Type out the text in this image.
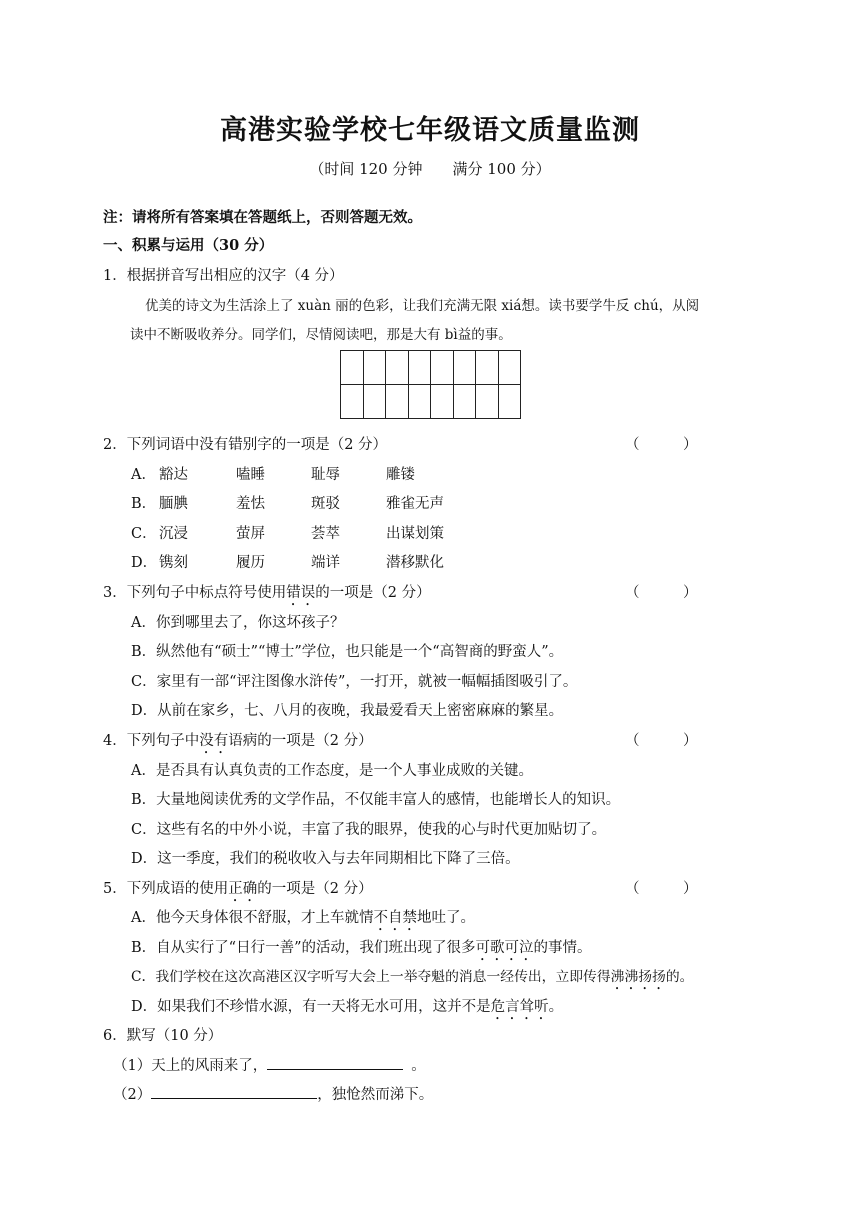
高港实验学校七年级语文质量监测
（时间 120 分钟　　满分 100 分）
注：请将所有答案填在答题纸上，否则答题无效。
一、积累与运用（30 分）
1．根据拼音写出相应的汉字（4 分）
优美的诗文为生活涂上了 xuàn 丽的色彩，让我们充满无限 xiá想。读书要学牛反 chú，从阅
读中不断吸收养分。同学们，尽情阅读吧，那是大有 bì益的事。

2．下列词语中没有错别字的一项是（2 分）	（　　　）
A． 豁达	嗑睡	耻辱	雕镂
B． 腼腆	羞怯	斑驳	雅雀无声
C． 沉浸	萤屏	荟萃	出谋划策
D． 镌刻	履历	端详	潜移默化
3．下列句子中标点符号使用错误的一项是（2 分）	（　　　）
A．你到哪里去了，你这坏孩子？
B．纵然他有“硕士”“博士”学位，也只能是一个“高智商的野蛮人”。
C．家里有一部“评注图像水浒传”，一打开，就被一幅幅插图吸引了。
D．从前在家乡，七、八月的夜晚，我最爱看天上密密麻麻的繁星。
4．下列句子中没有语病的一项是（2 分）	（　　　）
A．是否具有认真负责的工作态度，是一个人事业成败的关键。
B．大量地阅读优秀的文学作品，不仅能丰富人的感情，也能增长人的知识。
C．这些有名的中外小说，丰富了我的眼界，使我的心与时代更加贴切了。
D．这一季度，我们的税收收入与去年同期相比下降了三倍。
5．下列成语的使用正确的一项是（2 分）	（　　　）
A．他今天身体很不舒服，才上车就情不自禁地吐了。
B．自从实行了“日行一善”的活动，我们班出现了很多可歌可泣的事情。
C．我们学校在这次高港区汉字听写大会上一举夺魁的消息一经传出，立即传得沸沸扬扬的。
D．如果我们不珍惜水源，有一天将无水可用，这并不是危言耸听。
6．默写（10 分）
（1）天上的风雨来了，	。
（2）	，独怆然而涕下。
